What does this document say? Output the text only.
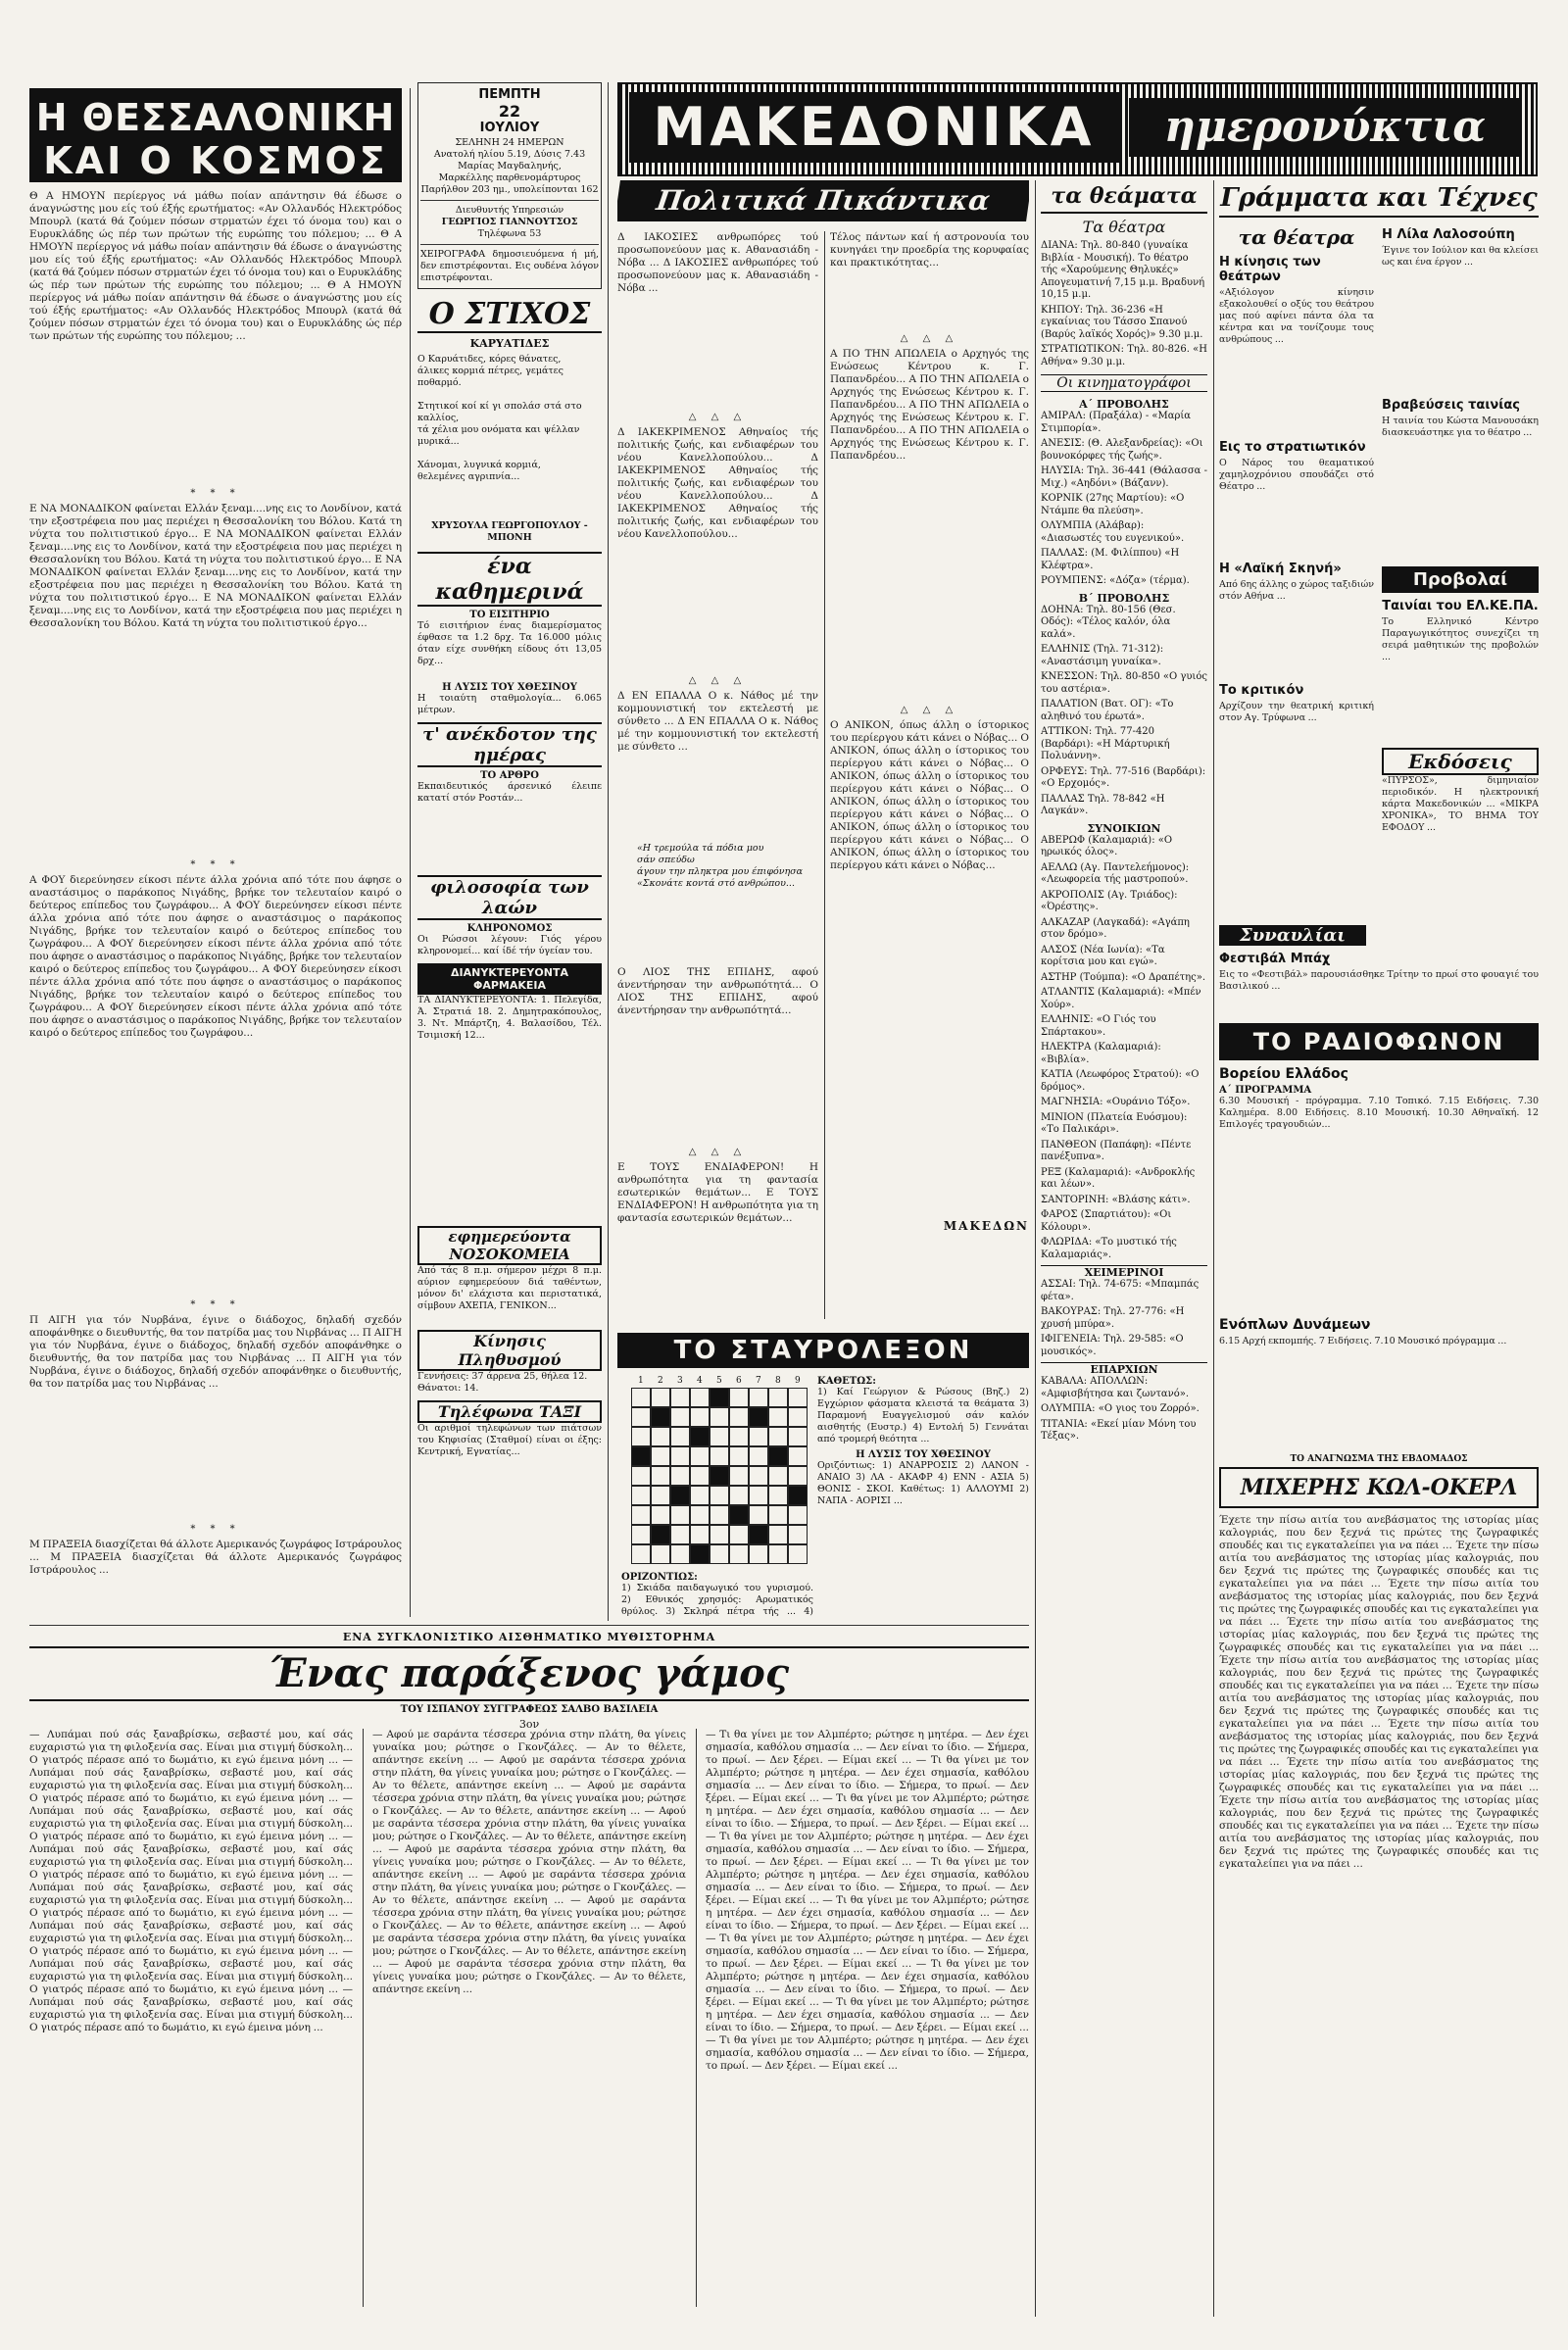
Η ΘΕΣΣΑΛΟΝΙΚΗ
ΚΑΙ Ο ΚΟΣΜΟΣ
Θ Α ΗΜΟΥΝ περίεργος νά μάθω ποίαν απάντησιν θά έδωσε ο άναγνώστης μου είς τού έξής ερωτήματος: «Αν Ολλανδός Ηλεκτρόδος Μπουρλ (κατά θά ζούμεν πόσων στρματών έχει τό όνομα του) και ο Ευρυκλάδης ώς πέρ των πρώτων τής ευρώπης του πόλεμου; ... Θ Α ΗΜΟΥΝ περίεργος νά μάθω ποίαν απάντησιν θά έδωσε ο άναγνώστης μου είς τού έξής ερωτήματος: «Αν Ολλανδός Ηλεκτρόδος Μπουρλ (κατά θά ζούμεν πόσων στρματών έχει τό όνομα του) και ο Ευρυκλάδης ώς πέρ των πρώτων τής ευρώπης του πόλεμου; ... Θ Α ΗΜΟΥΝ περίεργος νά μάθω ποίαν απάντησιν θά έδωσε ο άναγνώστης μου είς τού έξής ερωτήματος: «Αν Ολλανδός Ηλεκτρόδος Μπουρλ (κατά θά ζούμεν πόσων στρματών έχει τό όνομα του) και ο Ευρυκλάδης ώς πέρ των πρώτων τής ευρώπης του πόλεμου; ...
* * *
Ε ΝΑ ΜΟΝΑΔΙΚΟΝ φαίνεται Ελλάν ξεναμ....νης εις το Λονδίνον, κατά την εξοστρέφεια που μας περιέχει η Θεσσαλονίκη του Βόλου. Κατά τη νύχτα του πολιτιστικού έργο... Ε ΝΑ ΜΟΝΑΔΙΚΟΝ φαίνεται Ελλάν ξεναμ....νης εις το Λονδίνον, κατά την εξοστρέφεια που μας περιέχει η Θεσσαλονίκη του Βόλου. Κατά τη νύχτα του πολιτιστικού έργο... Ε ΝΑ ΜΟΝΑΔΙΚΟΝ φαίνεται Ελλάν ξεναμ....νης εις το Λονδίνον, κατά την εξοστρέφεια που μας περιέχει η Θεσσαλονίκη του Βόλου. Κατά τη νύχτα του πολιτιστικού έργο... Ε ΝΑ ΜΟΝΑΔΙΚΟΝ φαίνεται Ελλάν ξεναμ....νης εις το Λονδίνον, κατά την εξοστρέφεια που μας περιέχει η Θεσσαλονίκη του Βόλου. Κατά τη νύχτα του πολιτιστικού έργο...
* * *
Α ΦΟΥ διερεύνησεν είκοσι πέντε άλλα χρόνια από τότε που άφησε ο αναστάσιμος ο παράκοπος Νιγάδης, βρήκε τον τελευταίον καιρό ο δεύτερος επίπεδος του ζωγράφου... Α ΦΟΥ διερεύνησεν είκοσι πέντε άλλα χρόνια από τότε που άφησε ο αναστάσιμος ο παράκοπος Νιγάδης, βρήκε τον τελευταίον καιρό ο δεύτερος επίπεδος του ζωγράφου... Α ΦΟΥ διερεύνησεν είκοσι πέντε άλλα χρόνια από τότε που άφησε ο αναστάσιμος ο παράκοπος Νιγάδης, βρήκε τον τελευταίον καιρό ο δεύτερος επίπεδος του ζωγράφου... Α ΦΟΥ διερεύνησεν είκοσι πέντε άλλα χρόνια από τότε που άφησε ο αναστάσιμος ο παράκοπος Νιγάδης, βρήκε τον τελευταίον καιρό ο δεύτερος επίπεδος του ζωγράφου... Α ΦΟΥ διερεύνησεν είκοσι πέντε άλλα χρόνια από τότε που άφησε ο αναστάσιμος ο παράκοπος Νιγάδης, βρήκε τον τελευταίον καιρό ο δεύτερος επίπεδος του ζωγράφου...
* * *
Π ΑΙΓΗ για τόν Νυρβάνα, έγινε ο διάδοχος, δηλαδή σχεδόν αποφάνθηκε ο διευθυντής, θα τον πατρίδα μας του Νιρβάνας ... Π ΑΙΓΗ για τόν Νυρβάνα, έγινε ο διάδοχος, δηλαδή σχεδόν αποφάνθηκε ο διευθυντής, θα τον πατρίδα μας του Νιρβάνας ... Π ΑΙΓΗ για τόν Νυρβάνα, έγινε ο διάδοχος, δηλαδή σχεδόν αποφάνθηκε ο διευθυντής, θα τον πατρίδα μας του Νιρβάνας ...
* * *
Μ ΠΡΑΞΕΙΑ διασχίζεται θά άλλοτε Αμερικανός ζωγράφος Ιστράρουλος ... Μ ΠΡΑΞΕΙΑ διασχίζεται θά άλλοτε Αμερικανός ζωγράφος Ιστράρουλος ...
ΠΕΜΠΤΗ
22
ΙΟΥΛΙΟΥ
ΣΕΛΗΝΗ 24 ΗΜΕΡΩΝ
Ανατολή ηλίου 5.19, Δύσις 7.43
Μαρίας Μαγδαληνής,
Μαρκέλλης παρθενομάρτυρος
Παρήλθον 203 ημ., υπολείπονται 162
Διευθυντής Υπηρεσιών
ΓΕΩΡΓΙΟΣ ΓΙΑΝΝΟΥΤΣΟΣ
Τηλέφωνα 53
ΧΕΙΡΟΓΡΑΦΑ δημοσιευόμενα ή μή, δεν επιστρέφονται. Εις ουδένα λόγον επιστρέφονται.
Ο ΣΤΙΧΟΣ
ΚΑΡΥΑΤΙΔΕΣ
Ο Καρυάτιδες, κόρες θάνατες,
άλικες κορμιά πέτρες, γεμάτες
ποθαρμό.

Στητικοί κοί κί γι σπολάσ στά στο καλλίος,
τά χέλια μου ονόματα και ψέλλαν
μυρικά...

Χάνομαι, λυγνικά κορμιά,
θελεμένες αγριπνία...
ΧΡΥΣΟΥΛΑ ΓΕΩΡΓΟΠΟΥΛΟΥ - ΜΠΟΝΗ
ένα καθημερινά
ΤΟ ΕΙΣΙΤΗΡΙΟ
Τό εισιτήριον ένας διαμερίσματος έφθασε τα 1.2 δρχ. Τα 16.000 μόλις όταν είχε συνθήκη είδους ότι 13,05 δρχ...
Η ΛΥΣΙΣ ΤΟΥ ΧΘΕΣΙΝΟΥ
Η τοιαύτη σταθμολογία... 6.065 μέτρων.
τ' ανέκδοτον της ημέρας
ΤΟ ΑΡΘΡΟ
Εκπαιδευτικός άρσενικό έλειπε κατατί στόν Ροστάν...
φιλοσοφία των λαών
ΚΛΗΡΟΝΟΜΟΣ
Οι Ρώσσοι λέγουν: Γιός γέρου κληρονομεί... καί ίδέ τήν ύγείαν του.
ΔΙΑΝΥΚΤΕΡΕΥΟΝΤΑ ΦΑΡΜΑΚΕΙΑ
ΤΑ ΔΙΑΝΥΚΤΕΡΕΥΟΝΤΑ: 1. Πελεγίδα, Ά. Στρατιά 18. 2. Δημητρακόπουλος, 3. Ντ. Μπάρτζη, 4. Βαλασίδου, Τέλ. Τσιμισκή 12...
εφημερεύοντα ΝΟΣΟΚΟΜΕΙΑ
Από τάς 8 π.μ. σήμερον μέχρι 8 π.μ. αύριον εφημερεύουν διά ταθέντων, μόνον δι' ελάχιστα και περιστατικά, σίμβουν ΑΧΕΠΑ, ΓΕΝΙΚΟΝ...
Κίνησις Πληθυσμού
Γεννήσεις: 37 άρρενα 25, θήλεα 12. Θάνατοι: 14.
Τηλέφωνα ΤΑΞΙ
Οι αριθμοί τηλεφώνων των πιάτσων του Κηφισίας (Σταθμοί) είναι οι έξης: Κεντρική, Εγνατίας...
ΜΑΚΕΔΟΝΙΚΑ	ημερονύκτια
Πολιτικά Πικάντικα
Δ ΙΑΚΟΣΙΕΣ ανθρωπόρες τού προσωπονεύουν μας κ. Αθανασιάδη - Νόβα ... Δ ΙΑΚΟΣΙΕΣ ανθρωπόρες τού προσωπονεύουν μας κ. Αθανασιάδη - Νόβα ...
△ △ △
Δ ΙΑΚΕΚΡΙΜΕΝΟΣ Αθηναίος τής πολιτικής ζωής, και ενδιαφέρων του νέου Κανελλοπούλου...	Δ ΙΑΚΕΚΡΙΜΕΝΟΣ Αθηναίος τής πολιτικής ζωής, και ενδιαφέρων του νέου Κανελλοπούλου...	Δ ΙΑΚΕΚΡΙΜΕΝΟΣ Αθηναίος τής πολιτικής ζωής, και ενδιαφέρων του νέου Κανελλοπούλου...
△ △ △
Δ ΕΝ ΕΠΑΛΛΑ Ο κ. Νάθος μέ την κομμουνιστική τον εκτελεστή με σύνθετο ... Δ ΕΝ ΕΠΑΛΛΑ Ο κ. Νάθος μέ την κομμουνιστική τον εκτελεστή με σύνθετο ...
«Η τρεμούλα τά πόδια μου
σάν σπεύδω
άγουν την πληκτρα μου έπιφόνησα
«Σκονάτε κοντά στό ανθρώπου...
Ο ΛΙΟΣ ΤΗΣ ΕΠΙΔΗΣ, αφού άνεντήρησαν την ανθρωπότητά... Ο ΛΙΟΣ ΤΗΣ ΕΠΙΔΗΣ, αφού άνεντήρησαν την ανθρωπότητά...
△ △ △
Ε ΤΟΥΣ ΕΝΔΙΑΦΕΡΟΝ! Η ανθρωπότητα για τη φαντασία εσωτερικών θεμάτων... Ε ΤΟΥΣ ΕΝΔΙΑΦΕΡΟΝ! Η ανθρωπότητα για τη φαντασία εσωτερικών θεμάτων...
Τέλος πάντων καί ή αστρονουία του κυνηγάει την προεδρία της κορυφαίας και πρακτικότητας...
△ △ △
Α ΠΟ ΤΗΝ ΑΠΩΛΕΙΑ ο Αρχηγός της Ενώσεως Κέντρου κ. Γ. Παπανδρέου... Α ΠΟ ΤΗΝ ΑΠΩΛΕΙΑ ο Αρχηγός της Ενώσεως Κέντρου κ. Γ. Παπανδρέου... Α ΠΟ ΤΗΝ ΑΠΩΛΕΙΑ ο Αρχηγός της Ενώσεως Κέντρου κ. Γ. Παπανδρέου... Α ΠΟ ΤΗΝ ΑΠΩΛΕΙΑ ο Αρχηγός της Ενώσεως Κέντρου κ. Γ. Παπανδρέου...
△ △ △
Ο ΑΝΙΚΟΝ, όπως άλλη ο ίστορικος του περίεργου κάτι κάνει ο Νόβας... Ο ΑΝΙΚΟΝ, όπως άλλη ο ίστορικος του περίεργου κάτι κάνει ο Νόβας... Ο ΑΝΙΚΟΝ, όπως άλλη ο ίστορικος του περίεργου κάτι κάνει ο Νόβας... Ο ΑΝΙΚΟΝ, όπως άλλη ο ίστορικος του περίεργου κάτι κάνει ο Νόβας... Ο ΑΝΙΚΟΝ, όπως άλλη ο ίστορικος του περίεργου κάτι κάνει ο Νόβας... Ο ΑΝΙΚΟΝ, όπως άλλη ο ίστορικος του περίεργου κάτι κάνει ο Νόβας...
ΜΑΚΕΔΩΝ
ΤΟ ΣΤΑΥΡΟΛΕΞΟΝ
1 2 3 4 5 6 7 8 9 ΚΑΘΕΤΩΣ:
1) Καί Γεώργιον & Ρώσους (Βηζ.) 2) Εγχώριον φάσματα κλειστά τα θεάματα 3) Παραμονή Ευαγγελισμού σάν καλόν αισθητής (Ευστρ.) 4) Εντολή 5) Γεννάται από τρομερή θεότητα ...
Η ΛΥΣΙΣ ΤΟΥ ΧΘΕΣΙΝΟΥ
Οριζόντιως: 1) ΑΝΑΡΡΟΣΙΣ 2) ΛΑΝΟΝ - ΑΝΑΙΟ 3) ΛΑ - ΑΚΑΦΡ 4) ΕΝΝ - ΑΣΙΑ 5) ΘΟΝΙΣ - ΣΚΟΙ. Καθέτως: 1) ΑΛΛΟΥΜΙ 2) ΝΑΠΑ - ΑΟΡΙΣΙ ...
ΟΡΙΖΟΝΤΙΩΣ:
1) Σκιάδα παιδαγωγικό του γυρισμού. 2) Εθνικός χρησμός: Αρωματικός θρύλος. 3) Σκληρά πέτρα τής ... 4)
τα θεάματα
Τα θέατρα
ΔΙΑΝΑ: Τηλ. 80-840 (γυναίκα Βιβλία - Μουσική). Το θέατρο τής «Χαρούμενης Θηλυκές» Απογευματινή 7,15 μ.μ. Βραδυνή 10,15 μ.μ.
ΚΗΠΟΥ: Τηλ. 36-236 «Η εγκαίνιας του Τάσσο Σπανού (Βαρύς λαϊκός Χορός)» 9.30 μ.μ.
ΣΤΡΑΤΙΩΤΙΚΟΝ: Τηλ. 80-826. «Η Αθήνα» 9.30 μ.μ.
Οι κινηματογράφοι
Α΄ ΠΡΟΒΟΛΗΣ
ΑΜΙΡΑΛ: (Πραξάλα) - «Μαρία Στιμπορία».
ΑΝΕΣΙΣ: (Θ. Αλεξανδρείας): «Οι βουνοκόρφες τής ζωής».
ΗΛΥΣΙΑ: Τηλ. 36-441 (Θάλασσα - Μιχ.) «Αηδόνι» (Βάζανν).
ΚΟΡΝΙΚ (27ης Μαρτίου): «Ο Ντάμπε θα πλεύση».
ΟΛΥΜΠΙΑ (Αλάβαρ): «Διασωστές του ευγενικού».
ΠΑΛΛΑΣ: (Μ. Φιλίππου) «Η Κλέφτρα».
ΡΟΥΜΠΕΝΣ: «Δόζα» (τέρμα).
Β΄ ΠΡΟΒΟΛΗΣ
ΔΟΗΝΑ: Τηλ. 80-156 (Θεσ. Οδός): «Τέλος καλόν, όλα καλά».
ΕΛΛΗΝΙΣ (Τηλ. 71-312): «Αναστάσιμη γυναίκα».
ΚΝΕΣΣΟΝ: Τηλ. 80-850 «Ο γυιός του αστέρια».
ΠΑΛΑΤΙΟΝ (Βατ. ΟΓ): «Το αληθινό του έρωτά».
ΑΤΤΙΚΟΝ: Τηλ. 77-420 (Βαρδάρι): «Η Μάρτυρική Πολυάννη».
ΟΡΦΕΥΣ: Τηλ. 77-516 (Βαρδάρι): «Ο Ερχομός».
ΠΑΛΛΑΣ Τηλ. 78-842 «Η Λαγκάν».
ΣΥΝΟΙΚΙΩΝ
ΑΒΕΡΩΦ (Καλαμαριά): «Ο ηρωικός όλος».
ΑΕΛΛΩ (Αγ. Παντελεήμονος): «Λεωφορεία τής μαστροπού».
ΑΚΡΟΠΟΛΙΣ (Αγ. Τριάδος): «Όρέστης».
ΑΛΚΑΖΑΡ (Λαγκαδά): «Αγάπη στον δρόμο».
ΑΛΣΟΣ (Νέα Ιωνία): «Τα κορίτσια μου και εγώ».
ΑΣΤΗΡ (Τούμπα): «Ο Δραπέτης».
ΑΤΛΑΝΤΙΣ (Καλαμαριά): «Μπέν Χούρ».
ΕΛΛΗΝΙΣ: «Ο Γιός του Σπάρτακου».
ΗΛΕΚΤΡΑ (Καλαμαριά): «Βιβλία».
ΚΑΤΙΑ (Λεωφόρος Στρατού): «Ο δρόμος».
ΜΑΓΝΗΣΙΑ: «Ουράνιο Τόξο».
ΜΙΝΙΟΝ (Πλατεία Ευόσμου): «Το Παλικάρι».
ΠΑΝΘΕΟΝ (Παπάφη): «Πέντε πανέξυπνα».
ΡΕΞ (Καλαμαριά): «Ανδροκλής και λέων».
ΣΑΝΤΟΡΙΝΗ: «Βλάσης κάτι».
ΦΑΡΟΣ (Σπαρτιάτου): «Οι Κόλουρι».
ΦΛΩΡΙΔΑ: «Το μυστικό τής Καλαμαριάς».
ΧΕΙΜΕΡΙΝΟΙ
ΑΣΣΑΙ: Τηλ. 74-675: «Μπαμπάς φέτα».
ΒΑΚΟΥΡΑΣ: Τηλ. 27-776: «Η χρυσή μπύρα».
ΙΦΙΓΕΝΕΙΑ: Τηλ. 29-585: «Ο μουσικός».
ΕΠΑΡΧΙΩΝ
ΚΑΒΑΛΑ: ΑΠΟΛΛΩΝ: «Αμφισβήτησα και ζωντανό».
ΟΛΥΜΠΙΑ: «Ο γιος του Ζορρό».
ΤΙΤΑΝΙΑ: «Εκεί μίαν Μόνη του Τέξας».
Γράμματα και Τέχνες
τα θέατρα
Η κίνησις των θεάτρων
«Αξιόλογον κίνησιν εξακολουθεί ο οξύς του θεάτρου μας πού αφίνει πάντα όλα τα κέντρα και να τονίζουμε τους ανθρώπους ...
Εις το στρατιωτικόν
Ο Νάρος του θεαματικού χαμηλοχρόνιου σπουδάζει στό Θέατρο ...
Η «Λαϊκή Σκηνή»
Από 6ης άλλης ο χώρος ταξιδιών στόν Αθήνα ...
Το κριτικόν
Αρχίζουν την θεατρική κριτική στον Αγ. Τρύφωνα ...
Η Λίλα Λαλοσούπη
Έγινε τον Ιούλιον και θα κλείσει ως και ένα έργον ...
Βραβεύσεις ταινίας
Η ταινία του Κώστα Μανουσάκη διασκευάστηκε για το θέατρο ...
Προβολαί
Ταινίαι του ΕΛ.ΚΕ.ΠΑ.
Το Ελληνικό Κέντρο Παραγωγικότητος συνεχίζει τη σειρά μαθητικών της προβολών ...
Εκδόσεις
«ΠΥΡΣΟΣ», διμηνιαίον περιοδικόν. Η ηλεκτρονική κάρτα Μακεδονικών ... «ΜΙΚΡΑ ΧΡΟΝΙΚΑ», ΤΟ ΒΗΜΑ ΤΟΥ ΕΦΟΔΟΥ ...
Συναυλίαι
Φεστιβάλ Μπάχ
Εις το «Φεστιβάλ» παρουσιάσθηκε Τρίτην το πρωί στο φουαγιέ του Βασιλικού ...
ΤΟ ΡΑΔΙΟΦΩΝΟΝ
Βορείου Ελλάδος
Α΄ ΠΡΟΓΡΑΜΜΑ
6.30 Μουσική - πρόγραμμα. 7.10 Τοπικό. 7.15 Ειδήσεις. 7.30 Καλημέρα. 8.00 Ειδήσεις. 8.10 Μουσική. 10.30 Αθηναϊκή. 12 Επιλογές τραγουδιών...
Ενόπλων Δυνάμεων
6.15 Αρχή εκπομπής. 7 Ειδήσεις. 7.10 Μουσικό πρόγραμμα ...
ΤΟ ΑΝΑΓΝΩΣΜΑ ΤΗΣ ΕΒΔΟΜΑΔΟΣ
ΜΙΧΕΡΗΣ ΚΩΛ-ΟΚΕΡΛ
Έχετε την πίσω αιτία του ανεβάσματος της ιστορίας μίας καλογριάς, που δεν ξεχνά τις πρώτες της ζωγραφικές σπουδές και τις εγκαταλείπει για να πάει ... Έχετε την πίσω αιτία του ανεβάσματος της ιστορίας μίας καλογριάς, που δεν ξεχνά τις πρώτες της ζωγραφικές σπουδές και τις εγκαταλείπει για να πάει ... Έχετε την πίσω αιτία του ανεβάσματος της ιστορίας μίας καλογριάς, που δεν ξεχνά τις πρώτες της ζωγραφικές σπουδές και τις εγκαταλείπει για να πάει ... Έχετε την πίσω αιτία του ανεβάσματος της ιστορίας μίας καλογριάς, που δεν ξεχνά τις πρώτες της ζωγραφικές σπουδές και τις εγκαταλείπει για να πάει ... Έχετε την πίσω αιτία του ανεβάσματος της ιστορίας μίας καλογριάς, που δεν ξεχνά τις πρώτες της ζωγραφικές σπουδές και τις εγκαταλείπει για να πάει ... Έχετε την πίσω αιτία του ανεβάσματος της ιστορίας μίας καλογριάς, που δεν ξεχνά τις πρώτες της ζωγραφικές σπουδές και τις εγκαταλείπει για να πάει ... Έχετε την πίσω αιτία του ανεβάσματος της ιστορίας μίας καλογριάς, που δεν ξεχνά τις πρώτες της ζωγραφικές σπουδές και τις εγκαταλείπει για να πάει ... Έχετε την πίσω αιτία του ανεβάσματος της ιστορίας μίας καλογριάς, που δεν ξεχνά τις πρώτες της ζωγραφικές σπουδές και τις εγκαταλείπει για να πάει ... Έχετε την πίσω αιτία του ανεβάσματος της ιστορίας μίας καλογριάς, που δεν ξεχνά τις πρώτες της ζωγραφικές σπουδές και τις εγκαταλείπει για να πάει ... Έχετε την πίσω αιτία του ανεβάσματος της ιστορίας μίας καλογριάς, που δεν ξεχνά τις πρώτες της ζωγραφικές σπουδές και τις εγκαταλείπει για να πάει ...
ΕΝΑ ΣΥΓΚΛΟΝΙΣΤΙΚΟ ΑΙΣΘΗΜΑΤΙΚΟ ΜΥΘΙΣΤΟΡΗΜΑ
Ένας παράξενος γάμος
ΤΟΥ ΙΣΠΑΝΟΥ ΣΥΓΓΡΑΦΕΩΣ ΣΑΛΒΟ ΒΑΣΙΛΕΙΑ
3ον
— Λυπάμαι πού σάς ξαναβρίσκω, σεβαστέ μου, καί σάς ευχαριστώ για τη φιλοξενία σας. Είναι μια στιγμή δύσκολη... Ο γιατρός πέρασε από το δωμάτιο, κι εγώ έμεινα μόνη ... — Λυπάμαι πού σάς ξαναβρίσκω, σεβαστέ μου, καί σάς ευχαριστώ για τη φιλοξενία σας. Είναι μια στιγμή δύσκολη... Ο γιατρός πέρασε από το δωμάτιο, κι εγώ έμεινα μόνη ... — Λυπάμαι πού σάς ξαναβρίσκω, σεβαστέ μου, καί σάς ευχαριστώ για τη φιλοξενία σας. Είναι μια στιγμή δύσκολη... Ο γιατρός πέρασε από το δωμάτιο, κι εγώ έμεινα μόνη ... — Λυπάμαι πού σάς ξαναβρίσκω, σεβαστέ μου, καί σάς ευχαριστώ για τη φιλοξενία σας. Είναι μια στιγμή δύσκολη... Ο γιατρός πέρασε από το δωμάτιο, κι εγώ έμεινα μόνη ... — Λυπάμαι πού σάς ξαναβρίσκω, σεβαστέ μου, καί σάς ευχαριστώ για τη φιλοξενία σας. Είναι μια στιγμή δύσκολη... Ο γιατρός πέρασε από το δωμάτιο, κι εγώ έμεινα μόνη ... — Λυπάμαι πού σάς ξαναβρίσκω, σεβαστέ μου, καί σάς ευχαριστώ για τη φιλοξενία σας. Είναι μια στιγμή δύσκολη... Ο γιατρός πέρασε από το δωμάτιο, κι εγώ έμεινα μόνη ... — Λυπάμαι πού σάς ξαναβρίσκω, σεβαστέ μου, καί σάς ευχαριστώ για τη φιλοξενία σας. Είναι μια στιγμή δύσκολη... Ο γιατρός πέρασε από το δωμάτιο, κι εγώ έμεινα μόνη ... — Λυπάμαι πού σάς ξαναβρίσκω, σεβαστέ μου, καί σάς ευχαριστώ για τη φιλοξενία σας. Είναι μια στιγμή δύσκολη... Ο γιατρός πέρασε από το δωμάτιο, κι εγώ έμεινα μόνη ...
— Αφού με σαράντα τέσσερα χρόνια στην πλάτη, θα γίνεις γυναίκα μου; ρώτησε ο Γκονζάλες. — Αν το θέλετε, απάντησε εκείνη ... — Αφού με σαράντα τέσσερα χρόνια στην πλάτη, θα γίνεις γυναίκα μου; ρώτησε ο Γκονζάλες. — Αν το θέλετε, απάντησε εκείνη ... — Αφού με σαράντα τέσσερα χρόνια στην πλάτη, θα γίνεις γυναίκα μου; ρώτησε ο Γκονζάλες. — Αν το θέλετε, απάντησε εκείνη ... — Αφού με σαράντα τέσσερα χρόνια στην πλάτη, θα γίνεις γυναίκα μου; ρώτησε ο Γκονζάλες. — Αν το θέλετε, απάντησε εκείνη ... — Αφού με σαράντα τέσσερα χρόνια στην πλάτη, θα γίνεις γυναίκα μου; ρώτησε ο Γκονζάλες. — Αν το θέλετε, απάντησε εκείνη ... — Αφού με σαράντα τέσσερα χρόνια στην πλάτη, θα γίνεις γυναίκα μου; ρώτησε ο Γκονζάλες. — Αν το θέλετε, απάντησε εκείνη ... — Αφού με σαράντα τέσσερα χρόνια στην πλάτη, θα γίνεις γυναίκα μου; ρώτησε ο Γκονζάλες. — Αν το θέλετε, απάντησε εκείνη ... — Αφού με σαράντα τέσσερα χρόνια στην πλάτη, θα γίνεις γυναίκα μου; ρώτησε ο Γκονζάλες. — Αν το θέλετε, απάντησε εκείνη ... — Αφού με σαράντα τέσσερα χρόνια στην πλάτη, θα γίνεις γυναίκα μου; ρώτησε ο Γκονζάλες. — Αν το θέλετε, απάντησε εκείνη ...
— Τι θα γίνει με τον Αλμπέρτο; ρώτησε η μητέρα. — Δεν έχει σημασία, καθόλου σημασία ... — Δεν είναι το ίδιο. — Σήμερα, το πρωί. — Δεν ξέρει. — Είμαι εκεί ... — Τι θα γίνει με τον Αλμπέρτο; ρώτησε η μητέρα. — Δεν έχει σημασία, καθόλου σημασία ... — Δεν είναι το ίδιο. — Σήμερα, το πρωί. — Δεν ξέρει. — Είμαι εκεί ... — Τι θα γίνει με τον Αλμπέρτο; ρώτησε η μητέρα. — Δεν έχει σημασία, καθόλου σημασία ... — Δεν είναι το ίδιο. — Σήμερα, το πρωί. — Δεν ξέρει. — Είμαι εκεί ... — Τι θα γίνει με τον Αλμπέρτο; ρώτησε η μητέρα. — Δεν έχει σημασία, καθόλου σημασία ... — Δεν είναι το ίδιο. — Σήμερα, το πρωί. — Δεν ξέρει. — Είμαι εκεί ... — Τι θα γίνει με τον Αλμπέρτο; ρώτησε η μητέρα. — Δεν έχει σημασία, καθόλου σημασία ... — Δεν είναι το ίδιο. — Σήμερα, το πρωί. — Δεν ξέρει. — Είμαι εκεί ... — Τι θα γίνει με τον Αλμπέρτο; ρώτησε η μητέρα. — Δεν έχει σημασία, καθόλου σημασία ... — Δεν είναι το ίδιο. — Σήμερα, το πρωί. — Δεν ξέρει. — Είμαι εκεί ... — Τι θα γίνει με τον Αλμπέρτο; ρώτησε η μητέρα. — Δεν έχει σημασία, καθόλου σημασία ... — Δεν είναι το ίδιο. — Σήμερα, το πρωί. — Δεν ξέρει. — Είμαι εκεί ... — Τι θα γίνει με τον Αλμπέρτο; ρώτησε η μητέρα. — Δεν έχει σημασία, καθόλου σημασία ... — Δεν είναι το ίδιο. — Σήμερα, το πρωί. — Δεν ξέρει. — Είμαι εκεί ... — Τι θα γίνει με τον Αλμπέρτο; ρώτησε η μητέρα. — Δεν έχει σημασία, καθόλου σημασία ... — Δεν είναι το ίδιο. — Σήμερα, το πρωί. — Δεν ξέρει. — Είμαι εκεί ... — Τι θα γίνει με τον Αλμπέρτο; ρώτησε η μητέρα. — Δεν έχει σημασία, καθόλου σημασία ... — Δεν είναι το ίδιο. — Σήμερα, το πρωί. — Δεν ξέρει. — Είμαι εκεί ...
